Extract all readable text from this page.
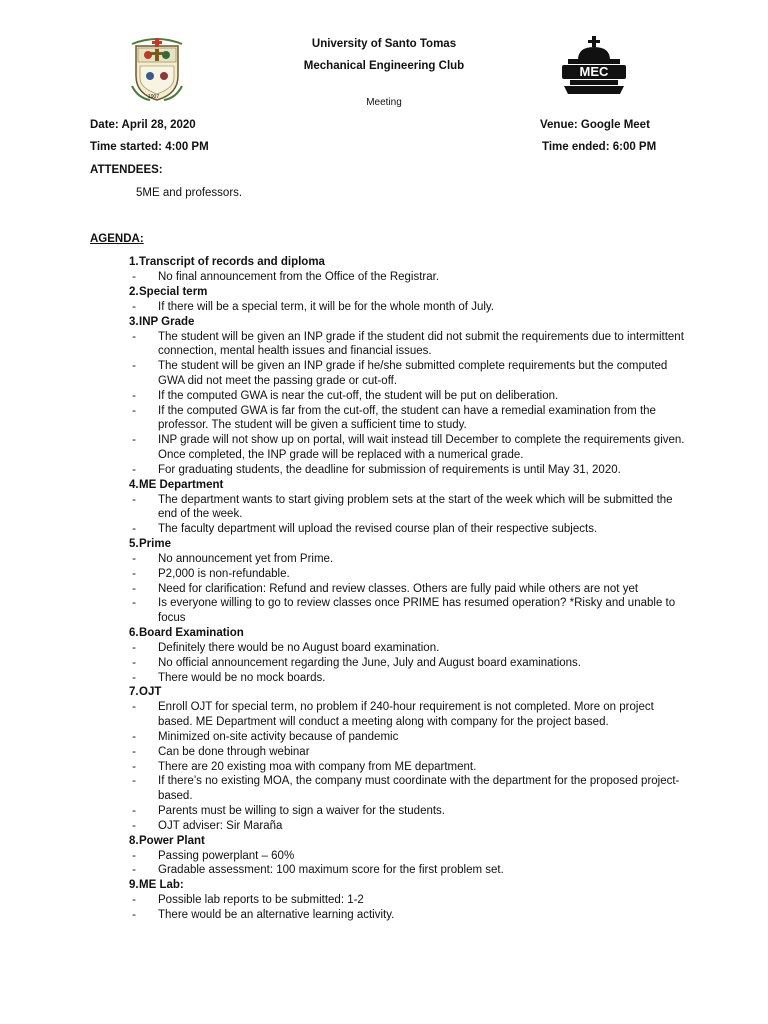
1907
MEC
University of Santo Tomas
Mechanical Engineering Club
Meeting
Date: April 28, 2020	Venue: Google Meet
Time started: 4:00 PM	Time ended: 6:00 PM
ATTENDEES:
5ME and professors.
AGENDA:
1. Transcript of records and diploma
-	No final announcement from the Office of the Registrar.
2. Special term
-	If there will be a special term, it will be for the whole month of July.
3. INP Grade
-	The student will be given an INP grade if the student did not submit the requirements due to intermittent connection, mental health issues and financial issues.
-	The student will be given an INP grade if he/she submitted complete requirements but the computed GWA did not meet the passing grade or cut-off.
-	If the computed GWA is near the cut-off, the student will be put on deliberation.
-	If the computed GWA is far from the cut-off, the student can have a remedial examination from the professor. The student will be given a sufficient time to study.
-	INP grade will not show up on portal, will wait instead till December to complete the requirements given. Once completed, the INP grade will be replaced with a numerical grade.
-	For graduating students, the deadline for submission of requirements is until May 31, 2020.
4. ME Department
-	The department wants to start giving problem sets at the start of the week which will be submitted the end of the week.
-	The faculty department will upload the revised course plan of their respective subjects.
5. Prime
-	No announcement yet from Prime.
-	P2,000 is non-refundable.
-	Need for clarification: Refund and review classes. Others are fully paid while others are not yet
-	Is everyone willing to go to review classes once PRIME has resumed operation? *Risky and unable to focus
6. Board Examination
-	Definitely there would be no August board examination.
-	No official announcement regarding the June, July and August board examinations.
-	There would be no mock boards.
7. OJT
-	Enroll OJT for special term, no problem if 240-hour requirement is not completed. More on project based. ME Department will conduct a meeting along with company for the project based.
-	Minimized on-site activity because of pandemic
-	Can be done through webinar
-	There are 20 existing moa with company from ME department.
-	If there’s no existing MOA, the company must coordinate with the department for the proposed project-based.
-	Parents must be willing to sign a waiver for the students.
-	OJT adviser: Sir Maraña
8. Power Plant
-	Passing powerplant – 60%
-	Gradable assessment: 100 maximum score for the first problem set.
9. ME Lab:
-	Possible lab reports to be submitted: 1-2
-	There would be an alternative learning activity.
